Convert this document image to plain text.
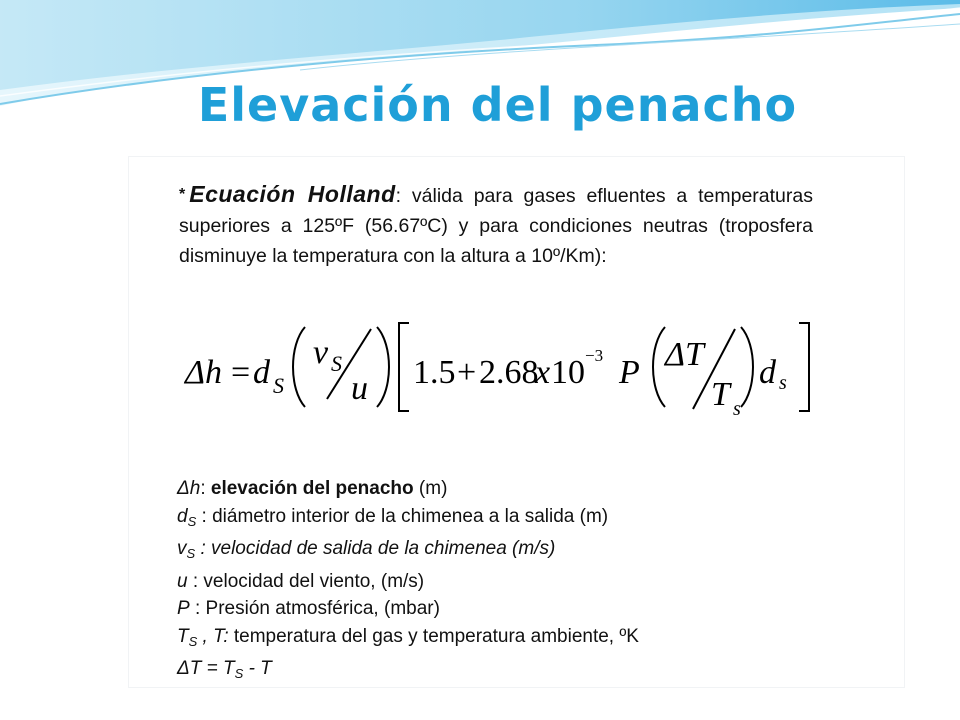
Elevación del penacho
* Ecuación Holland: válida para gases efluentes a temperaturas superiores a 125ºF (56.67ºC) y para condiciones neutras (troposfera disminuye la temperatura con la altura a 10º/Km):
Δh = d S
v S
u 1.5 + 2.68
x 10 −3 P ΔT
T s
d s
Δh: elevación del penacho (m)
$d_S$ : diámetro interior de la chimenea a la salida (m)
$v_S$ : velocidad de salida de la chimenea (m/s)
u : velocidad del viento, (m/s)
P : Presión atmosférica, (mbar)
$T_S$ , T: temperatura del gas y temperatura ambiente, ºK
$\Delta T = T_S - T$
